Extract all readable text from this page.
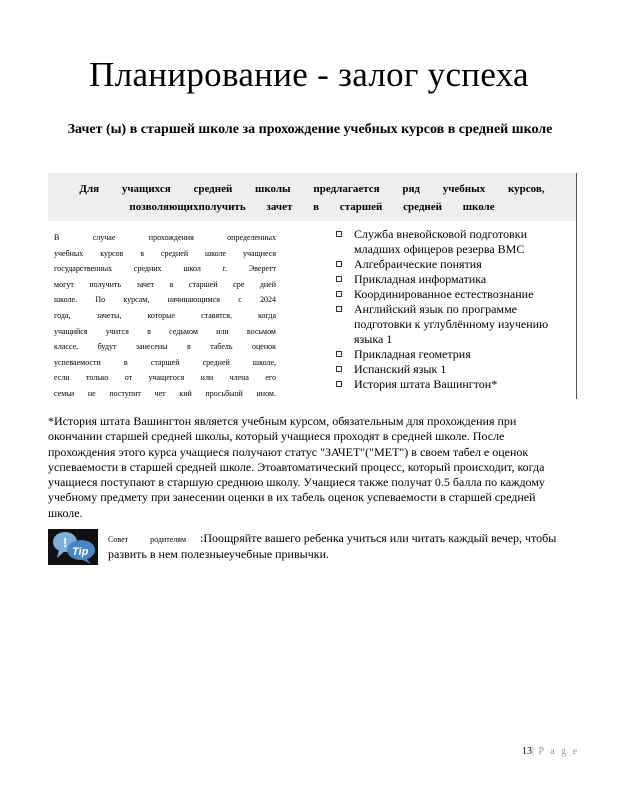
Планирование - залог успеха
Зачет (ы) в старшей школе за прохождение учебных курсов в средней школе
Для учащихся средней школы предлагается ряд учебных курсов,
позволяющихполучить зачет в старшей средней школе
В случае прохождения определенных
учебных курсов в средней школе учащиеся
государственных средних школ г. Эверетт
могут получить зачет в старшей сре дней
школе. По курсам, начинающимся с 2024
года, зачеты, которые ставятся, когда
учащийся учится в седьмом или восьмом
классе, будут занесены в табель оценок
успеваемости в старшей средней школе,
если только от учащегося или члена его
семьи не поступит чет кий просьбыой ином.
Служба вневойсковой подготовки младших офицеров резерва ВМС
Алгебраические понятия
Прикладная информатика
Координированное естествознание
Английский язык по программе подготовки к углублённому изучению языка 1
Прикладная геометрия
Испанский язык 1
История штата Вашингтон*
*История штата Вашингтон является учебным курсом, обязательным для прохождения при окончании старшей средней школы, который учащиеся проходят в средней школе. После прохождения этого курса учащиеся получают статус "ЗАЧЕТ"("МЕТ") в своем табел е оценок успеваемости в старшей средней школе. Этоавтоматический процесс, который происходит, когда учащиеся поступают в старшую среднюю школу. Учащиеся также получат 0.5 балла по каждому учебному предмету при занесении оценки в их табель оценок успеваемости в старшей средней школе.
!
Tip
Совет родителям :Поощряйте вашего ребенка учиться или читать каждый вечер, чтобы развить в нем полезныеучебные привычки.
13| P a g e
